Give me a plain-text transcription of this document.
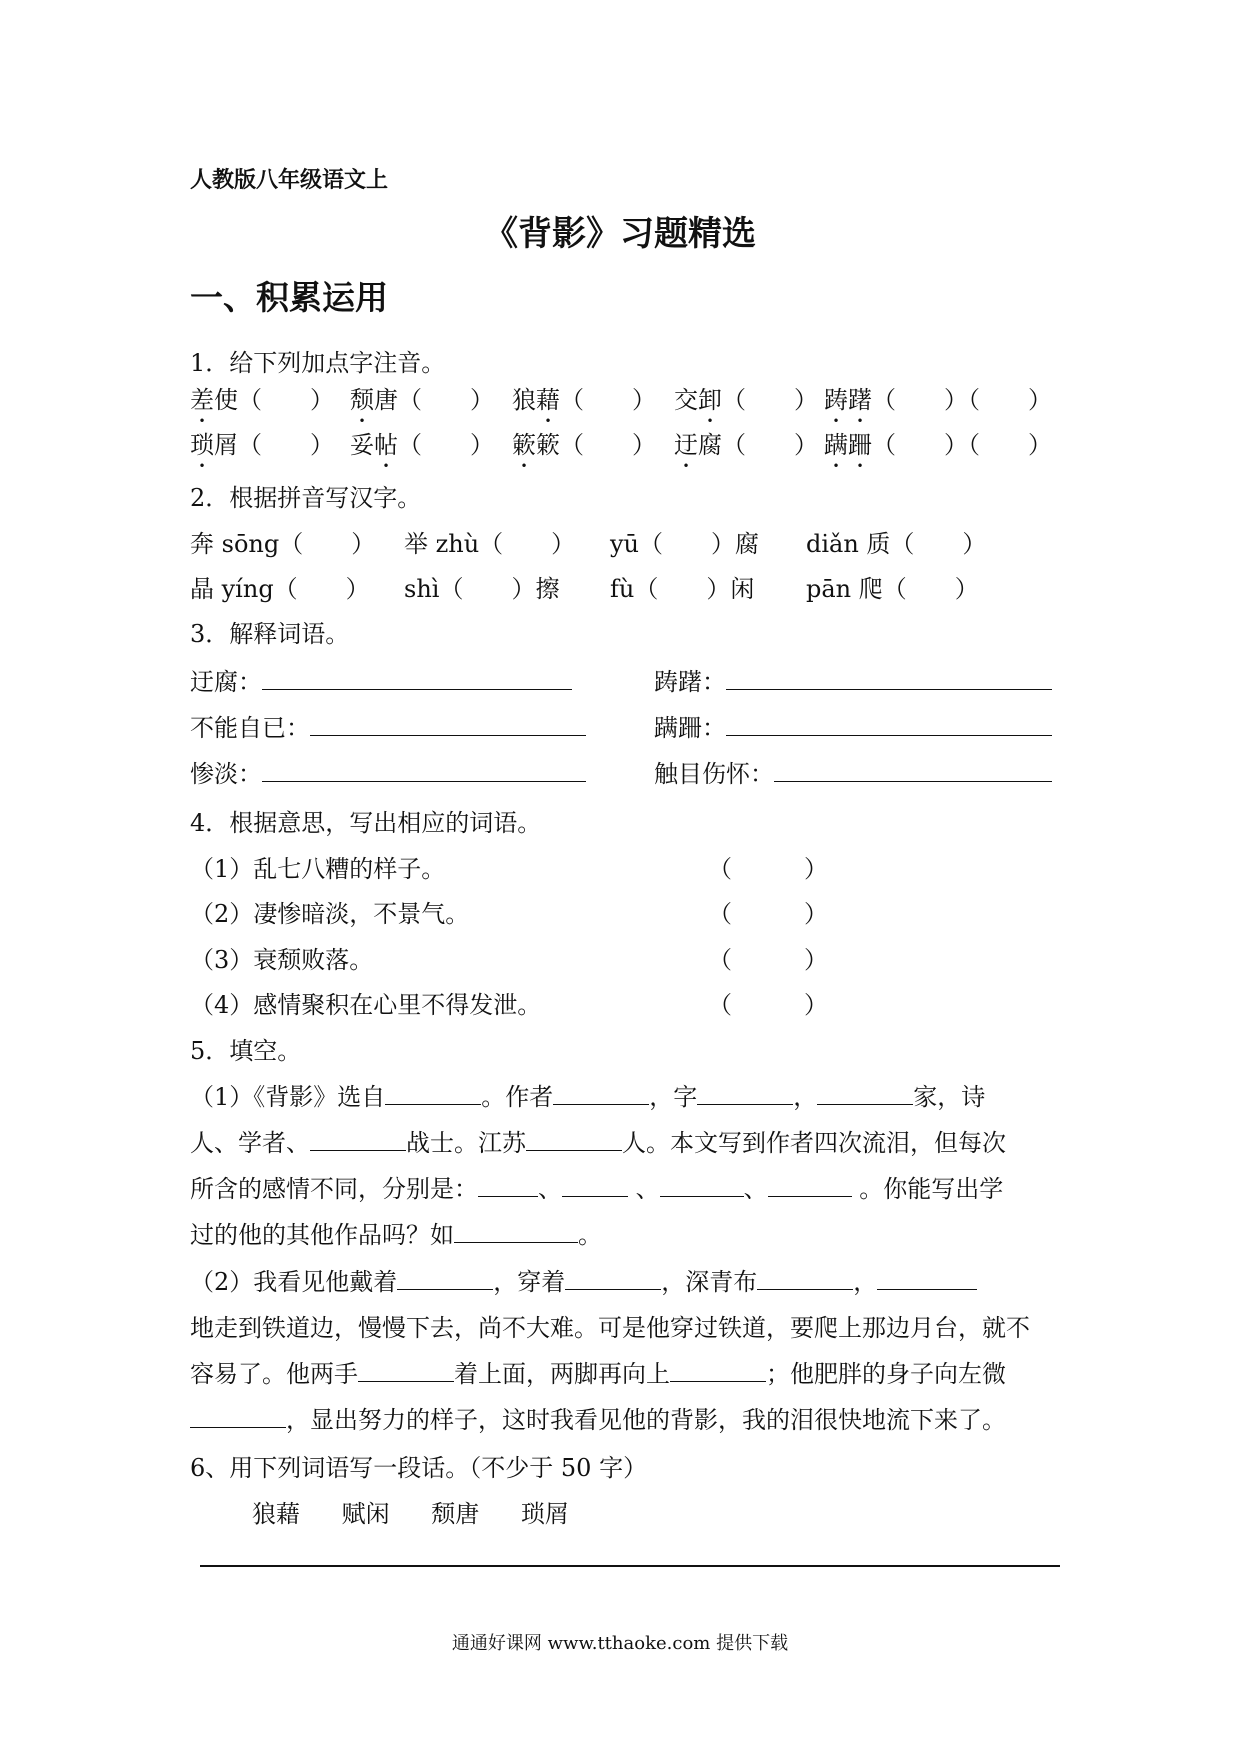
人教版八年级语文上
《背影》习题精选
一、积累运用
1．给下列加点字注音。
差使（　　） 颓唐（　　） 狼藉（　　） 交卸（　　） 踌躇（　　）（　　）
琐屑（　　） 妥帖（　　） 簌簌（　　） 迂腐（　　） 蹒跚（　　）（　　）
2．根据拼音写汉字。
奔 sōng（　　） 举 zhù（　　） yū（　　）腐 diǎn 质（　　）
晶 yíng（　　） shì（　　）擦 fù（　　）闲 pān 爬（　　）
3．解释词语。
迂腐：	踌躇：
不能自已：	蹒跚：
惨淡：	触目伤怀：
4．根据意思，写出相应的词语。
（1）乱七八糟的样子。	（　　　）
（2）凄惨暗淡，不景气。	（　　　）
（3）衰颓败落。	（　　　）
（4）感情聚积在心里不得发泄。	（　　　）
5．填空。
（1）《背影》选自	。作者	，字	，	家，诗
人、学者、	战士。江苏	人。本文写到作者四次流泪，但每次
所含的感情不同，分别是：	、	、	、	。你能写出学
过的他的其他作品吗？如	。
（2）我看见他戴着	，穿着	，深青布	，
地走到铁道边，慢慢下去，尚不大难。可是他穿过铁道，要爬上那边月台，就不
容易了。他两手	着上面，两脚再向上	；他肥胖的身子向左微
，显出努力的样子，这时我看见他的背影，我的泪很快地流下来了。
6、用下列词语写一段话。（不少于 50 字）
狼藉 赋闲 颓唐 琐屑
通通好课网 www.tthaoke.com 提供下载
